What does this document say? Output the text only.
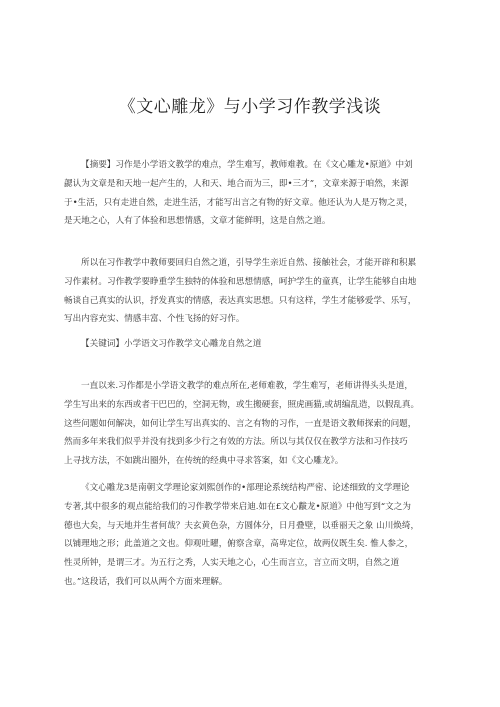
《文心雕龙》与小学习作教学浅谈
【摘要】习作是小学语文教学的难点，学生难写，教师难教。在《文心雕龙•原道》中刘
勰认为文章是和天地一起产生的，人和天、地合而为三，即•三才”，文章来源于咱然，来源
于•生活，只有走进自然，走进生活，才能写出言之有物的好文章。他还认为人是万物之灵，
是天地之心，人有了体验和思想情感，文章才能鲜明，这是自然之道。
所以在习作教学中教师要回归自然之道，引导学生亲近自然、接触社会，才能开辟和积累
习作素材。习作教学要睁重学生独特的体验和思想情感，呵护学生的童真，让学生能够自由地
畅谈自己真实的认识，抒发真实的情感，表达真实思想。只有这样，学生才能够爱学、乐写，
写出内容充实、情感丰富、个性飞扬的好习作。
【关键词】小学语文习作教学文心雕龙自然之道
一直以来.习作都是小学语文教学的难点所在,老师难教，学生难写，老师讲得头头是道，
学生写出来的东西或者干巴巴的，空洞无物，或生搬硬套，照虎画猫,或胡编乱造，以假乱真。
这些问题如何解决，如何让学生写出真实的、言之有物的习作，一直是语文教师探索的问题，
然而多年来我们似乎并没有找到多少行之有效的方法。所以与其仅仅在教学方法和习作技巧
上寻找方法，不如跳出圈外，在传统的经典中寻求答案，如《文心雕龙》。
《文心雕龙3是南朝文学理论家刘熙创作的•部理论系统结构严密、论述细致的文学理论
专著,其中很多的观点能给我们的习作教学带来启迪.如在£文心黻龙•原道》中他写到“文之为
德也大矣，与天地并生者何哉？夫玄黄色杂，方圆体分，日月叠壁，以垂丽天之象 山川焕绮，
以铺理地之形；此盖道之文也。仰观吐曜，俯察含章，高卑定位，故两仪既生矣. 惟人参之，
性灵所钟，是谓三才。为五行之秀，人实天地之心，心生而言立，言立而文明，自然之道
也。”这段话，我们可以从两个方面来理解。
